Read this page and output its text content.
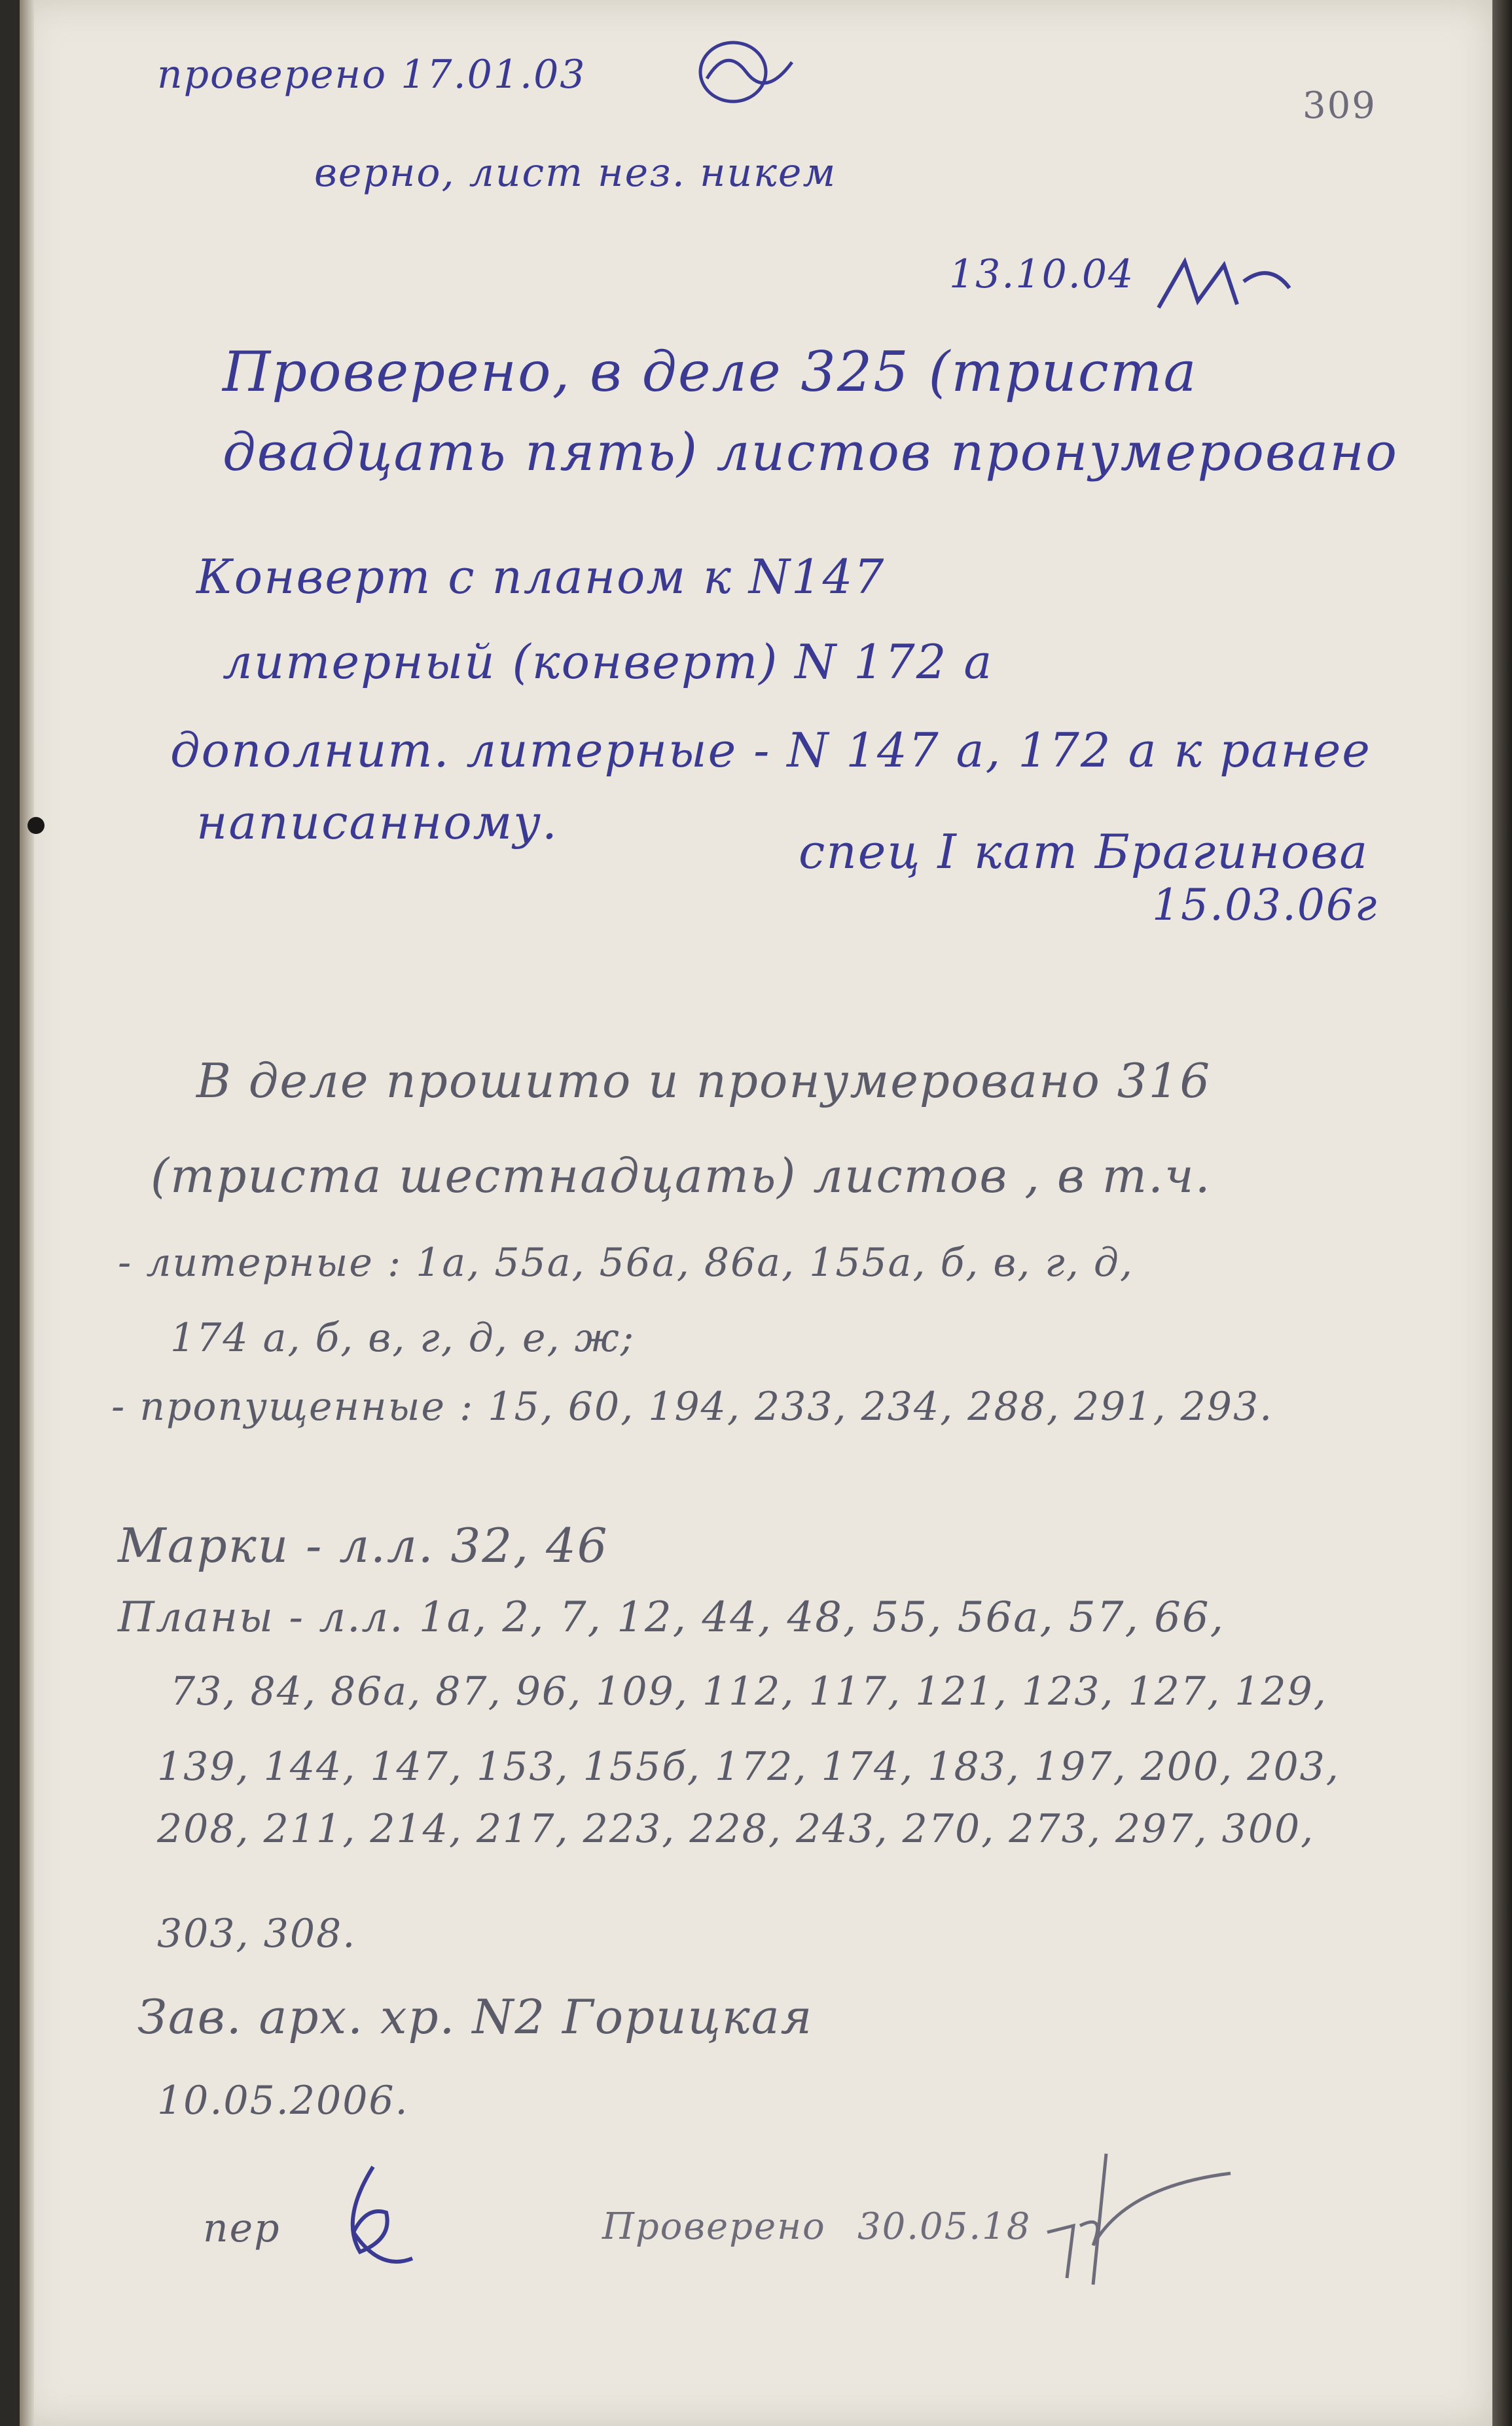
проверено 17.01.03

309

верно, лист нез. никем

13.10.04

Проверено, в деле 325 (триста

двадцать пять) листов пронумеровано

Конверт с планом к N147

литерный (конверт) N 172 а

дополнит. литерные - N 147 а, 172 а к ранее

написанному.

спец I кат Брагинова

15.03.06г

В деле прошито и пронумеровано 316

(триста шестнадцать) листов , в т.ч.

- литерные : 1а, 55а, 56а, 86а, 155а, б, в, г, д,

174 а, б, в, г, д, е, ж;

- пропущенные : 15, 60, 194, 233, 234, 288, 291, 293.

Марки - л.л. 32, 46

Планы - л.л. 1а, 2, 7, 12, 44, 48, 55, 56а, 57, 66,

73, 84, 86а, 87, 96, 109, 112, 117, 121, 123, 127, 129,

139, 144, 147, 153, 155б, 172, 174, 183, 197, 200, 203,

208, 211, 214, 217, 223, 228, 243, 270, 273, 297, 300,

303, 308.

Зав. арх. хр. N2 Горицкая

10.05.2006.

пер	Проверено 30.05.18
